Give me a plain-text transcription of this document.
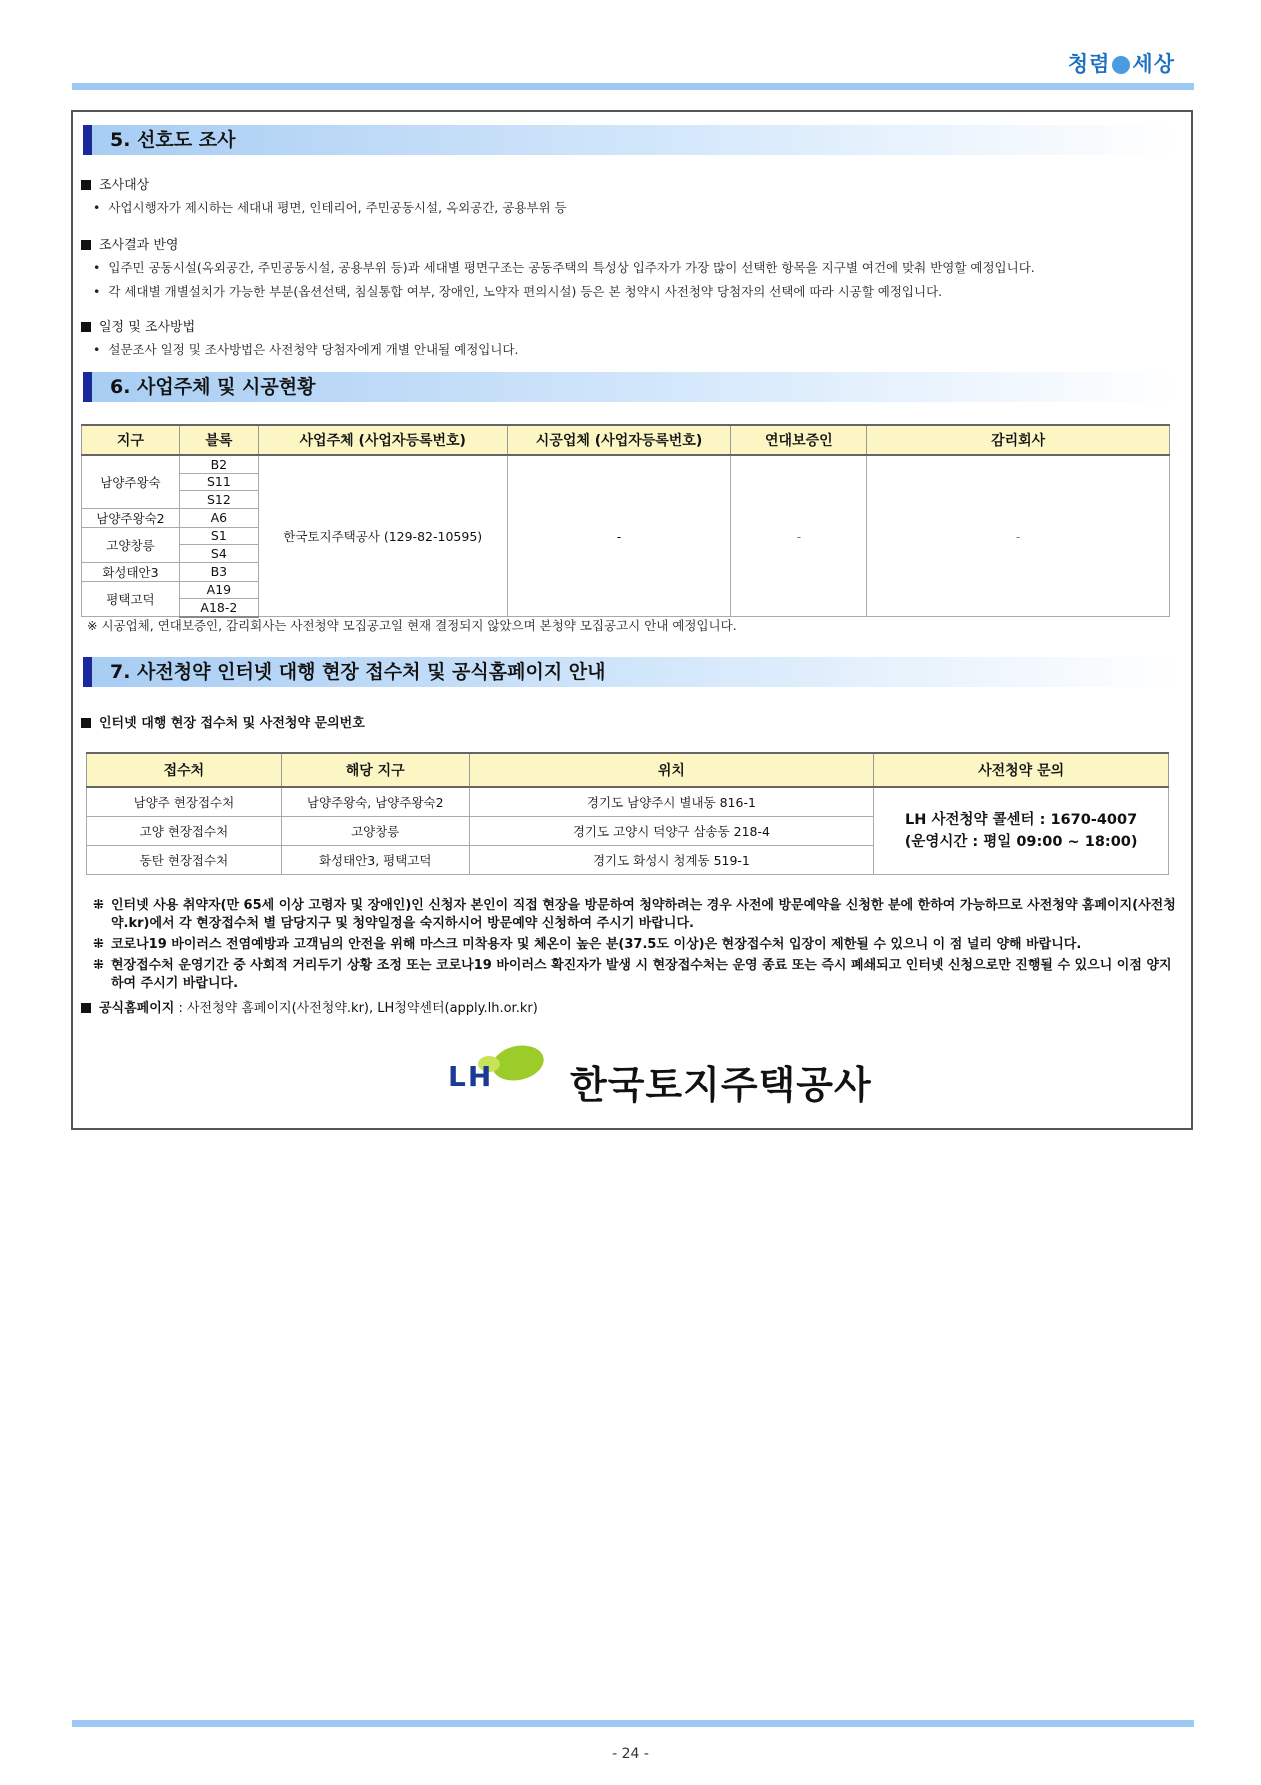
청렴 세상
5. 선호도 조사
조사대상
• 사업시행자가 제시하는 세대내 평면, 인테리어, 주민공동시설, 옥외공간, 공용부위 등
조사결과 반영
• 입주민 공동시설(옥외공간, 주민공동시설, 공용부위 등)과 세대별 평면구조는 공동주택의 특성상 입주자가 가장 많이 선택한 항목을 지구별 여건에 맞춰 반영할 예정입니다.
• 각 세대별 개별설치가 가능한 부분(옵션선택, 침실통합 여부, 장애인, 노약자 편의시설) 등은 본 청약시 사전청약 당첨자의 선택에 따라 시공할 예정입니다.
일정 및 조사방법
• 설문조사 일정 및 조사방법은 사전청약 당첨자에게 개별 안내될 예정입니다.
6. 사업주체 및 시공현황
지구	블록	사업주체 (사업자등록번호)	시공업체 (사업자등록번호)	연대보증인	감리회사
남양주왕숙	B2	한국토지주택공사 (129-82-10595)	-	-	-
	S11				
	S12				
남양주왕숙2	A6				
고양창릉	S1				
	S4				
화성태안3	B3				
평택고덕	A19				
	A18-2				
※ 시공업체, 연대보증인, 감리회사는 사전청약 모집공고일 현재 결정되지 않았으며 본청약 모집공고시 안내 예정입니다.
7. 사전청약 인터넷 대행 현장 접수처 및 공식홈페이지 안내
인터넷 대행 현장 접수처 및 사전청약 문의번호
접수처	해당 지구	위치	사전청약 문의
남양주 현장접수처	남양주왕숙, 남양주왕숙2	경기도 남양주시 별내동 816-1	LH 사전청약 콜센터 : 1670-4007
(운영시간 : 평일 09:00 ~ 18:00)

고양 현장접수처	고양창릉	경기도 고양시 덕양구 삼송동 218-4	
동탄 현장접수처	화성태안3, 평택고덕	경기도 화성시 청계동 519-1	
⁜ 인터넷 사용 취약자(만 65세 이상 고령자 및 장애인)인 신청자 본인이 직접 현장을 방문하여 청약하려는 경우 사전에 방문예약을 신청한 분에 한하여 가능하므로 사전청약 홈페이지(사전청약.kr)에서 각 현장접수처 별 담당지구 및 청약일정을 숙지하시어 방문예약 신청하여 주시기 바랍니다.
⁜ 코로나19 바이러스 전염예방과 고객님의 안전을 위해 마스크 미착용자 및 체온이 높은 분(37.5도 이상)은 현장접수처 입장이 제한될 수 있으니 이 점 널리 양해 바랍니다.
⁜ 현장접수처 운영기간 중 사회적 거리두기 상황 조정 또는 코로나19 바이러스 확진자가 발생 시 현장접수처는 운영 종료 또는 즉시 폐쇄되고 인터넷 신청으로만 진행될 수 있으니 이점 양지하여 주시기 바랍니다.
공식홈페이지 : 사전청약 홈페이지(사전청약.kr), LH청약센터(apply.lh.or.kr)
LH 한국토지주택공사
- 24 -
